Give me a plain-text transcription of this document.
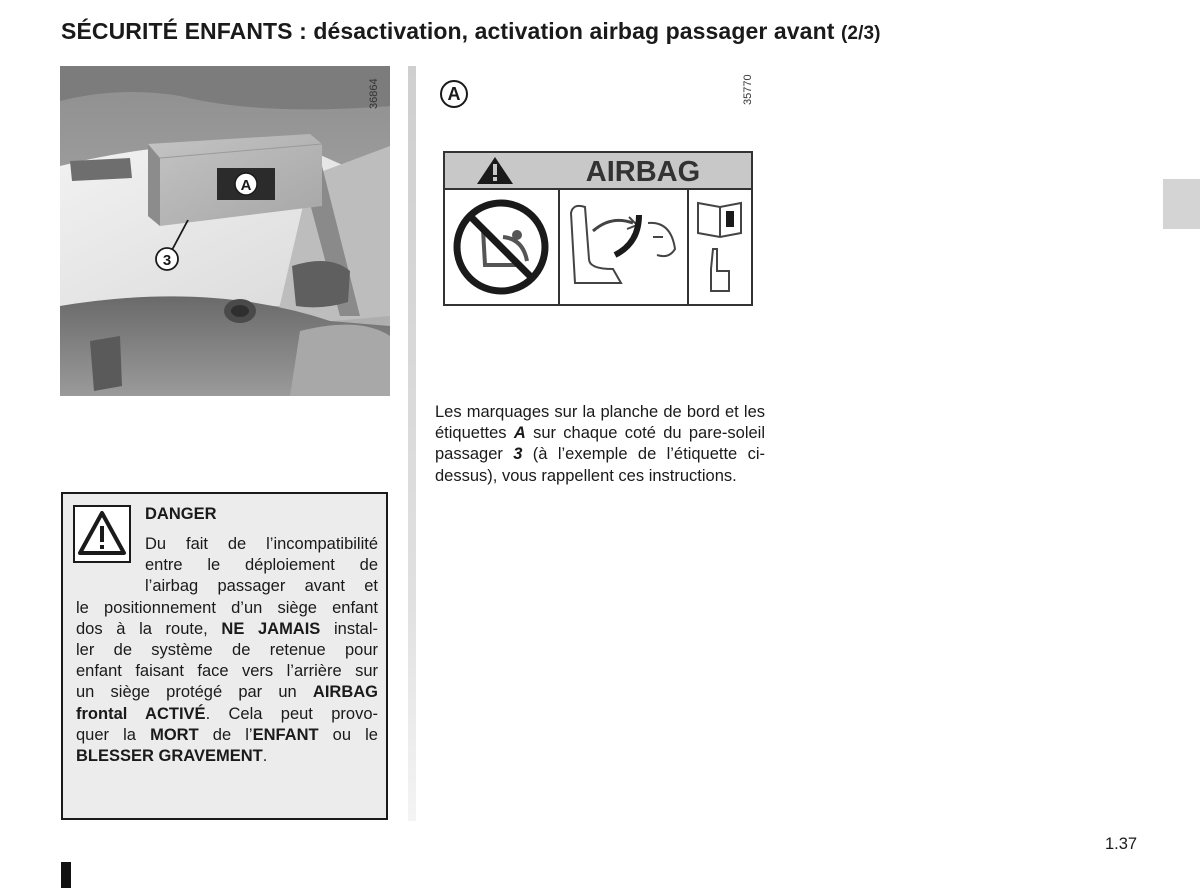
SÉCURITÉ ENFANTS : désactivation, activation airbag passager avant (2/3)
A
3
36864	A	35770
AIRBAG
Les marquages sur la planche de bord et les étiquettes A sur chaque coté du pare-soleil passager 3 (à l’exemple de l’étiquette ci-dessus), vous rappellent ces instructions.
DANGER
Du fait de l’incompatibilité
entre le déploiement de
l’airbag passager avant et
le positionnement d’un siège enfant
dos à la route, NE JAMAIS instal-
ler de système de retenue pour
enfant faisant face vers l’arrière sur
un siège protégé par un AIRBAG
frontal ACTIVÉ. Cela peut provo-
quer la MORT de l’ENFANT ou le
BLESSER GRAVEMENT.
1.37
